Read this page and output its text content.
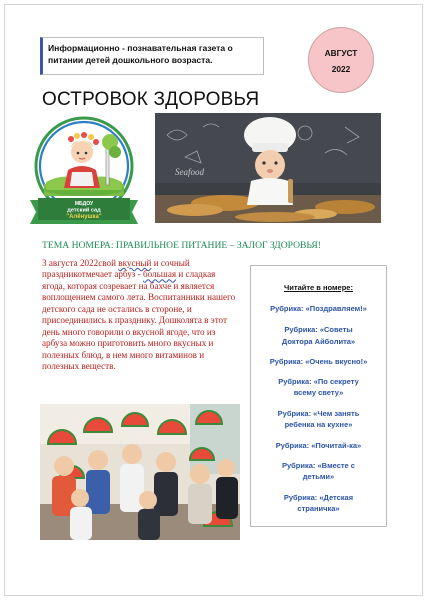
Информационно - познавательная газета о
питании детей дошкольного возраста.
АВГУСТ
2022
ОСТРОВОК ЗДОРОВЬЯ
МБДОУ
детский сад
"Алёнушка"
Seafood
ТЕМА НОМЕРА: ПРАВИЛЬНОЕ ПИТАНИЕ – ЗАЛОГ ЗДОРОВЬЯ!

3 августа 2022свой вкусный и сочный праздникотмечает арбуз - большая и сладкая ягода, которая созревает на бахче и является воплощением самого лета. Воспитанники нашего детского сада не остались в стороне, и присоединились к празднику. Дошколята в этот день много говорили о вкусной ягоде, что из арбуза можно приготовить много вкусных и полезных блюд, в нем много витаминов и полезных веществ.

Читайте в номере:
Рубрика: «Поздравляем!»
Рубрика: «Советы
Доктора Айболита»
Рубрика: «Очень вкусно!»
Рубрика: «По секрету
всему свету»
Рубрика: «Чем занять
ребенка на кухне»
Рубрика: «Почитай-ка»
Рубрика: «Вместе с
детьми»
Рубрика: «Детская
страничка»
